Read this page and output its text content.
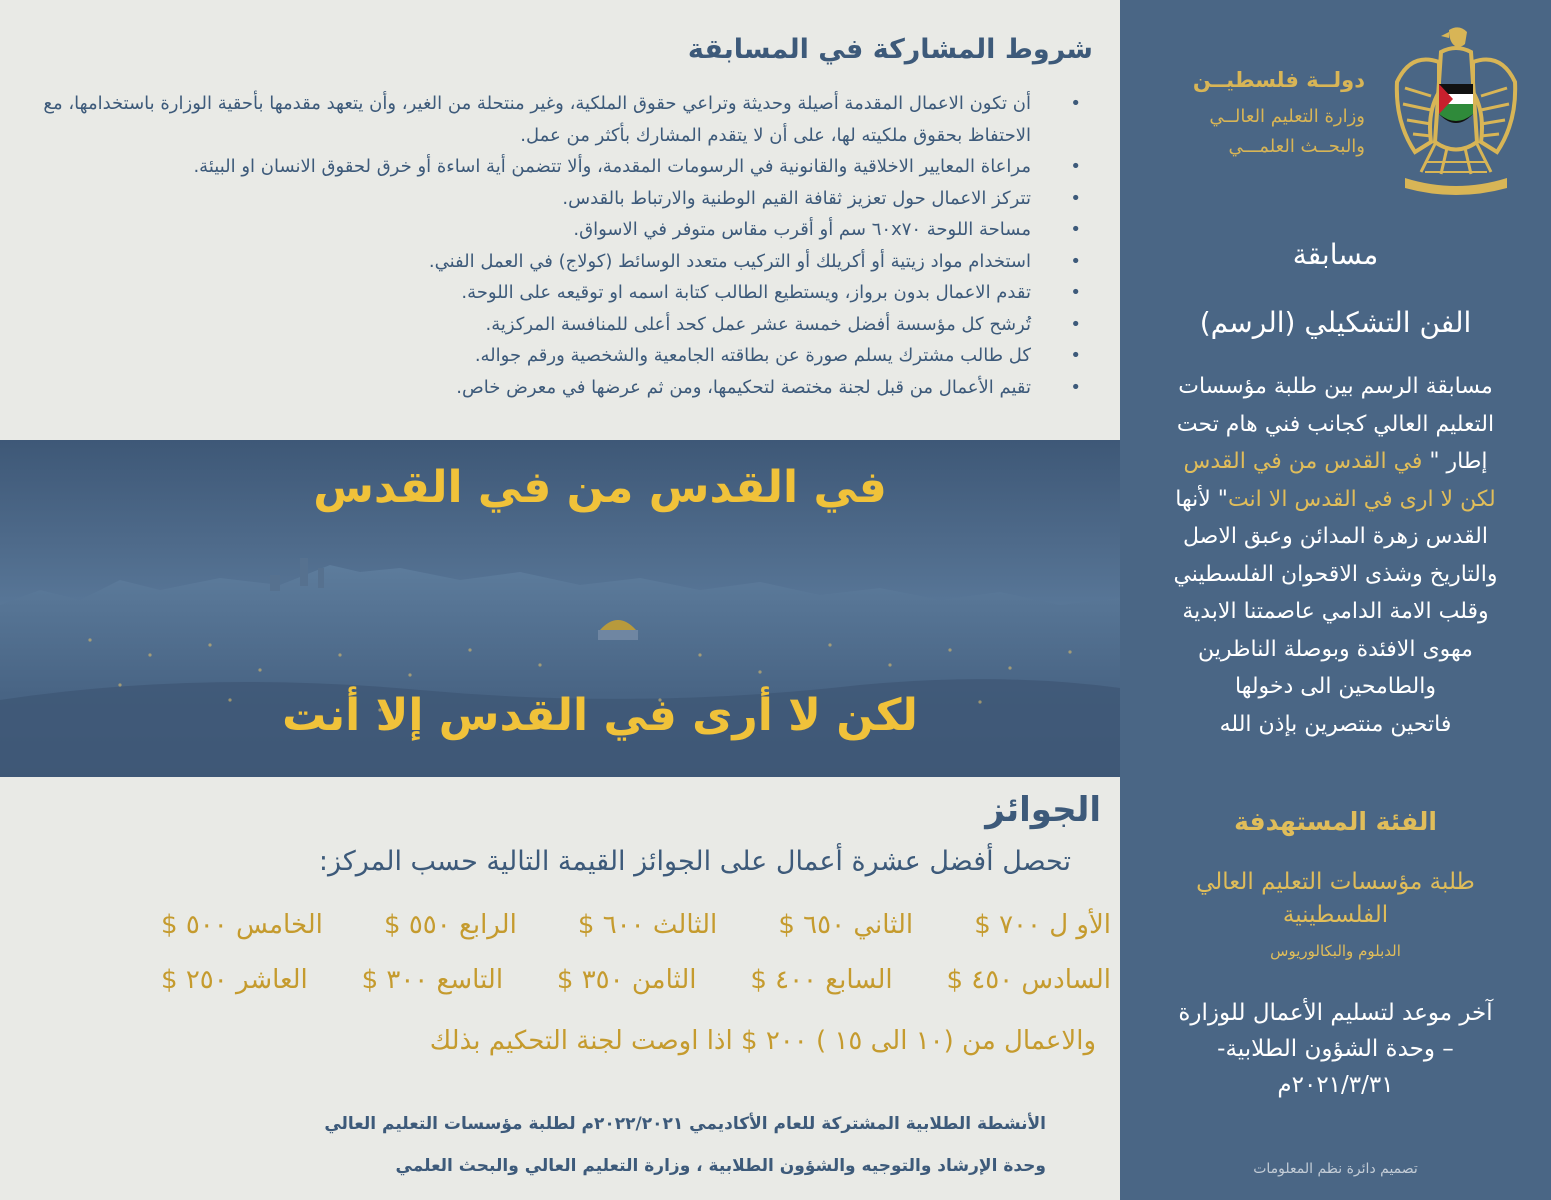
دولــة فلسطيــن
وزارة التعليم العالــي
والبحــث العلمـــي
مسابقة
الفن التشكيلي (الرسم)
مسابقة الرسم بين طلبة مؤسسات
التعليم العالي كجانب فني هام تحت
إطار " في القدس من في القدس
لكن لا ارى في القدس الا انت" لأنها
القدس زهرة المدائن وعبق الاصل
والتاريخ وشذى الاقحوان الفلسطيني
وقلب الامة الدامي عاصمتنا الابدية
مهوى الافئدة وبوصلة الناظرين
والطامحين الى دخولها
فاتحين منتصرين بإذن الله
الفئة المستهدفة
طلبة مؤسسات التعليم العالي
الفلسطينية
الدبلوم والبكالوريوس
آخر موعد لتسليم الأعمال للوزارة
– وحدة الشؤون الطلابية-
٢٠٢١/٣/٣١م
تصميم دائرة نظم المعلومات
شروط المشاركة في المسابقة
• أن تكون الاعمال المقدمة أصيلة وحديثة وتراعي حقوق الملكية، وغير منتحلة من الغير، وأن يتعهد مقدمها بأحقية الوزارة باستخدامها، مع الاحتفاظ بحقوق ملكيته لها، على أن لا يتقدم المشارك بأكثر من عمل.
• مراعاة المعايير الاخلاقية والقانونية في الرسومات المقدمة، وألا تتضمن أية اساءة أو خرق لحقوق الانسان او البيئة.
• تتركز الاعمال حول تعزيز ثقافة القيم الوطنية والارتباط بالقدس.
• مساحة اللوحة ٦٠x٧٠ سم أو أقرب مقاس متوفر في الاسواق.
• استخدام مواد زيتية أو أكريلك أو التركيب متعدد الوسائط (كولاج) في العمل الفني.
• تقدم الاعمال بدون برواز، ويستطيع الطالب كتابة اسمه او توقيعه على اللوحة.
• تُرشح كل مؤسسة أفضل خمسة عشر عمل كحد أعلى للمنافسة المركزية.
• كل طالب مشترك يسلم صورة عن بطاقته الجامعية والشخصية ورقم جواله.
• تقيم الأعمال من قبل لجنة مختصة لتحكيمها، ومن ثم عرضها في معرض خاص.
في القدس من في القدس
لكن لا أرى في القدس إلا أنت
الجوائز
تحصل أفضل عشرة أعمال على الجوائز القيمة التالية حسب المركز:
الأو ل ٧٠٠ $
الثاني ٦٥٠ $
الثالث ٦٠٠ $
الرابع ٥٥٠ $
الخامس ٥٠٠ $
السادس ٤٥٠ $
السابع ٤٠٠ $
الثامن ٣٥٠ $
التاسع ٣٠٠ $
العاشر ٢٥٠ $
والاعمال من (١٠ الى ١٥ ) ٢٠٠ $ اذا اوصت لجنة التحكيم بذلك
الأنشطة الطلابية المشتركة للعام الأكاديمي ٢٠٢٢/٢٠٢١م لطلبة مؤسسات التعليم العالي
وحدة الإرشاد والتوجيه والشؤون الطلابية ، وزارة التعليم العالي والبحث العلمي
